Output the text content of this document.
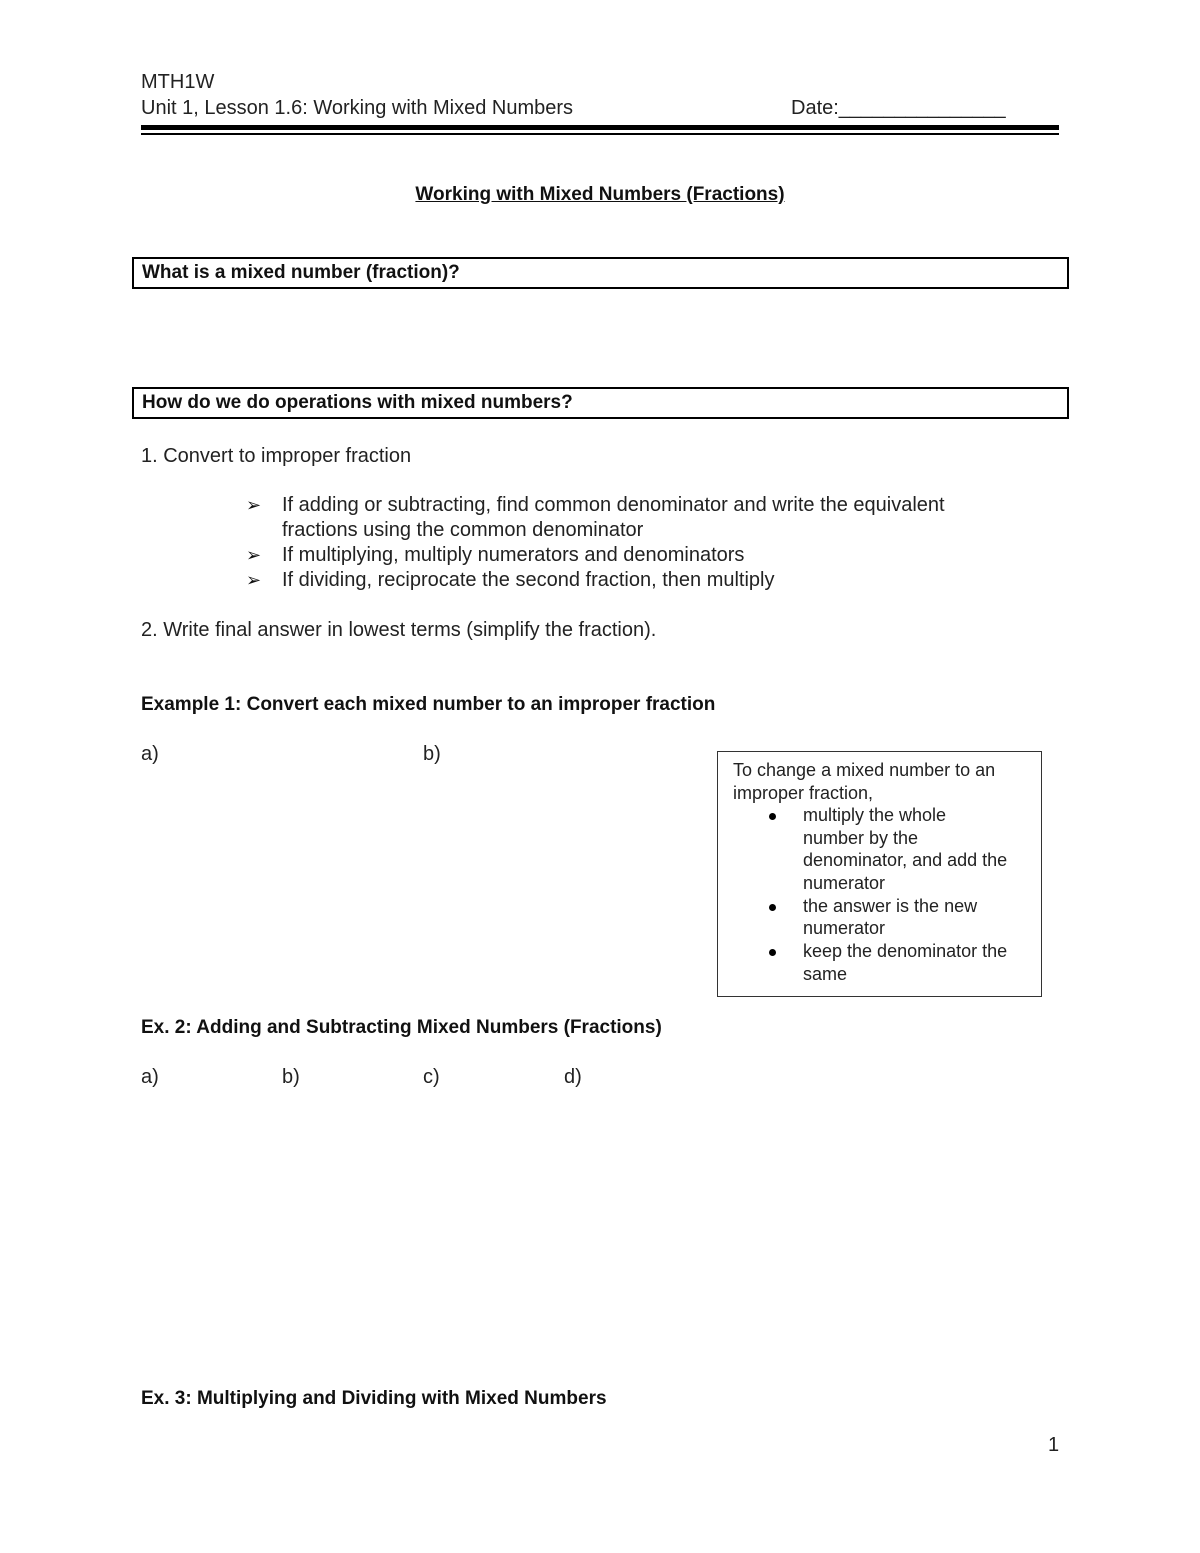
MTH1W
Unit 1, Lesson 1.6: Working with Mixed Numbers	Date:_______________
Working with Mixed Numbers (Fractions)
What is a mixed number (fraction)?
How do we do operations with mixed numbers?
1. Convert to improper fraction
➢ If adding or subtracting, find common denominator and write the equivalent
fractions using the common denominator
➢ If multiplying, multiply numerators and denominators
➢ If dividing, reciprocate the second fraction, then multiply
2. Write final answer in lowest terms (simplify the fraction).
Example 1: Convert each mixed number to an improper fraction
a)	b)
To change a mixed number to an
improper fraction,
multiply the whole
number by the
denominator, and add the
numerator
the answer is the new
numerator
keep the denominator the
same
Ex. 2: Adding and Subtracting Mixed Numbers (Fractions)
a)	b)	c)	d)
Ex. 3: Multiplying and Dividing with Mixed Numbers
1
